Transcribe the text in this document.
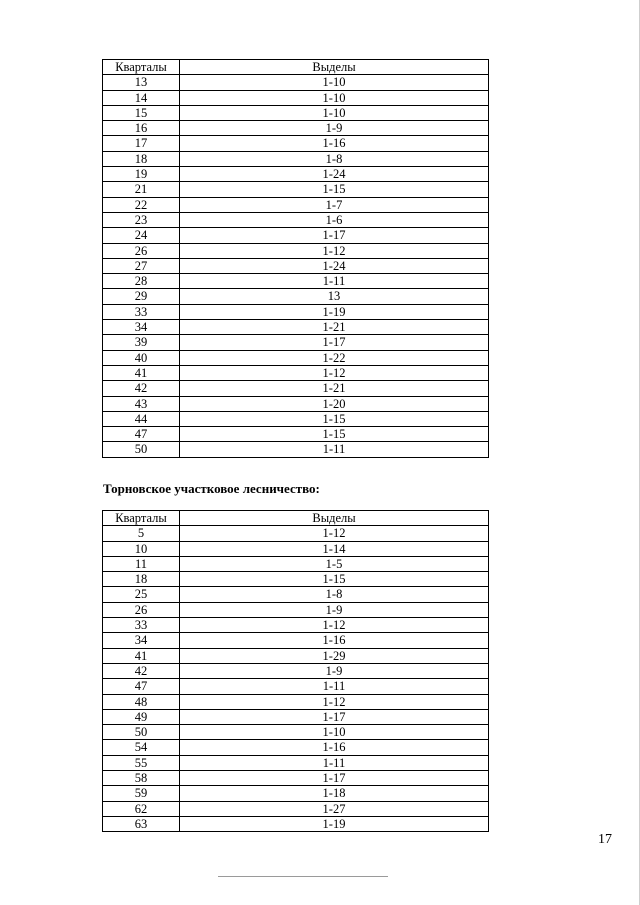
Кварталы	Выделы
13	1-10
14	1-10
15	1-10
16	1-9
17	1-16
18	1-8
19	1-24
21	1-15
22	1-7
23	1-6
24	1-17
26	1-12
27	1-24
28	1-11
29	13
33	1-19
34	1-21
39	1-17
40	1-22
41	1-12
42	1-21
43	1-20
44	1-15
47	1-15
50	1-11

Торновское участковое лесничество:

Кварталы	Выделы
5	1-12
10	1-14
11	1-5
18	1-15
25	1-8
26	1-9
33	1-12
34	1-16
41	1-29
42	1-9
47	1-11
48	1-12
49	1-17
50	1-10
54	1-16
55	1-11
58	1-17
59	1-18
62	1-27
63	1-19
17
